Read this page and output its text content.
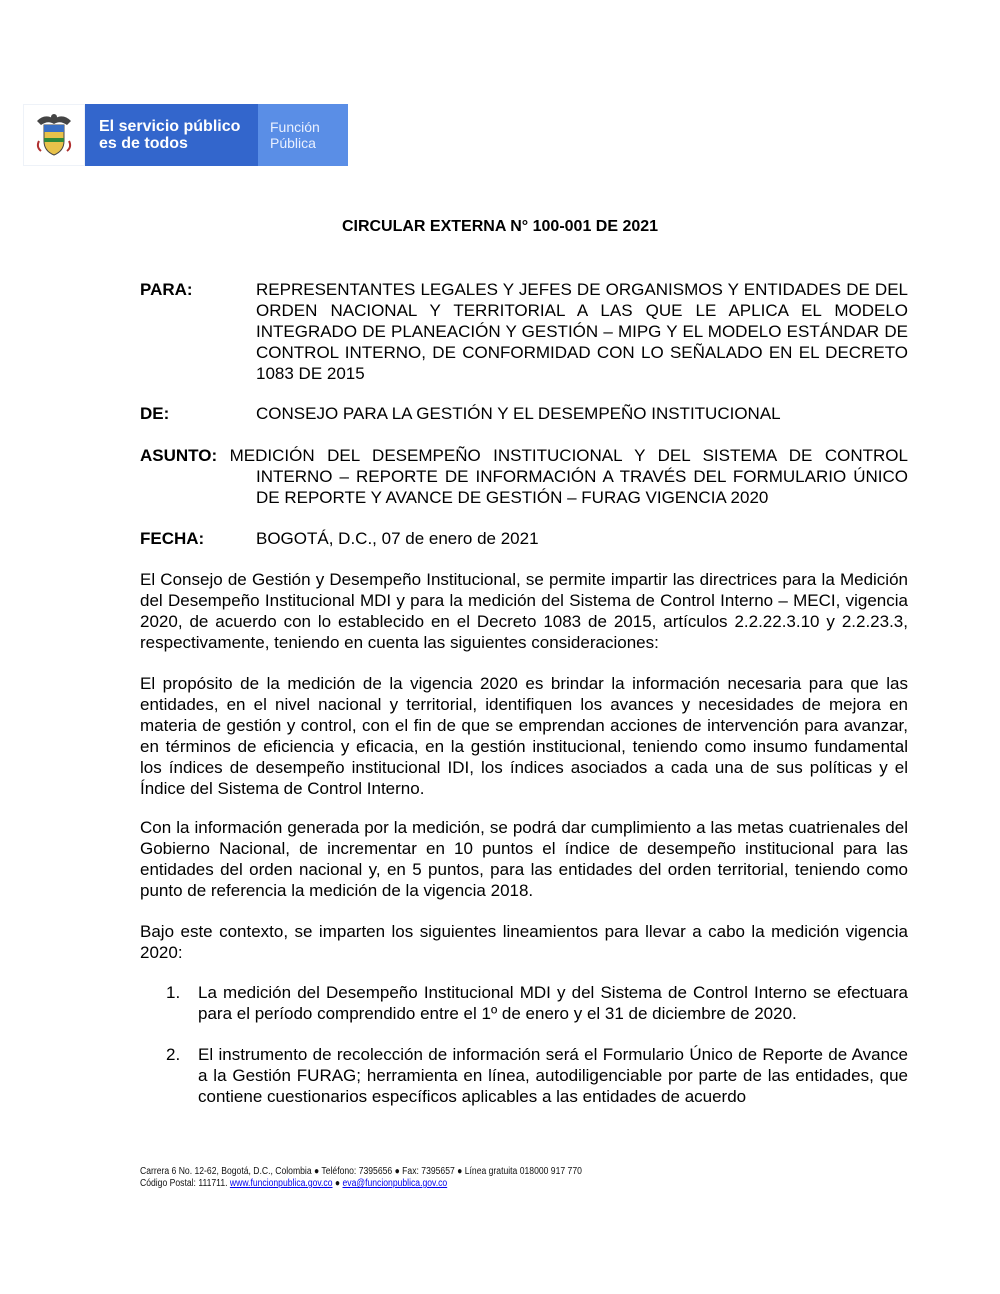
El servicio público
es de todos
Función
Pública
CIRCULAR EXTERNA N° 100-001 DE 2021
PARA:	REPRESENTANTES LEGALES Y JEFES DE ORGANISMOS Y ENTIDADES DE DEL ORDEN NACIONAL Y TERRITORIAL A LAS QUE LE APLICA EL MODELO INTEGRADO DE PLANEACIÓN Y GESTIÓN – MIPG Y EL MODELO ESTÁNDAR DE CONTROL INTERNO, DE CONFORMIDAD CON LO SEÑALADO EN EL DECRETO 1083 DE 2015
DE:	CONSEJO PARA LA GESTIÓN Y EL DESEMPEÑO INSTITUCIONAL
ASUNTO: MEDICIÓN DEL DESEMPEÑO INSTITUCIONAL Y DEL SISTEMA DE CONTROL
INTERNO – REPORTE DE INFORMACIÓN A TRAVÉS DEL FORMULARIO ÚNICO DE REPORTE Y AVANCE DE GESTIÓN – FURAG VIGENCIA 2020
FECHA:	BOGOTÁ, D.C., 07 de enero de 2021

El Consejo de Gestión y Desempeño Institucional, se permite impartir las directrices para la Medición del Desempeño Institucional MDI y para la medición del Sistema de Control Interno – MECI, vigencia 2020, de acuerdo con lo establecido en el Decreto 1083 de 2015, artículos 2.2.22.3.10 y 2.2.23.3, respectivamente, teniendo en cuenta las siguientes consideraciones:

El propósito de la medición de la vigencia 2020 es brindar la información necesaria para que las entidades, en el nivel nacional y territorial, identifiquen los avances y necesidades de mejora en materia de gestión y control, con el fin de que se emprendan acciones de intervención para avanzar, en términos de eficiencia y eficacia, en la gestión institucional, teniendo como insumo fundamental los índices de desempeño institucional IDI, los índices asociados a cada una de sus políticas y el Índice del Sistema de Control Interno.

Con la información generada por la medición, se podrá dar cumplimiento a las metas cuatrienales del Gobierno Nacional, de incrementar en 10 puntos el índice de desempeño institucional para las entidades del orden nacional y, en 5 puntos, para las entidades del orden territorial, teniendo como punto de referencia la medición de la vigencia 2018.

Bajo este contexto, se imparten los siguientes lineamientos para llevar a cabo la medición vigencia 2020:

1. La medición del Desempeño Institucional MDI y del Sistema de Control Interno se efectuara para el período comprendido entre el 1º de enero y el 31 de diciembre de 2020.
2. El instrumento de recolección de información será el Formulario Único de Reporte de Avance a la Gestión FURAG; herramienta en línea, autodiligenciable por parte de las entidades, que contiene cuestionarios específicos aplicables a las entidades de acuerdo
Carrera 6 No. 12-62, Bogotá, D.C., Colombia ● Teléfono: 7395656 ● Fax: 7395657 ● Línea gratuita 018000 917 770
Código Postal: 111711. www.funcionpublica.gov.co ● eva@funcionpublica.gov.co
